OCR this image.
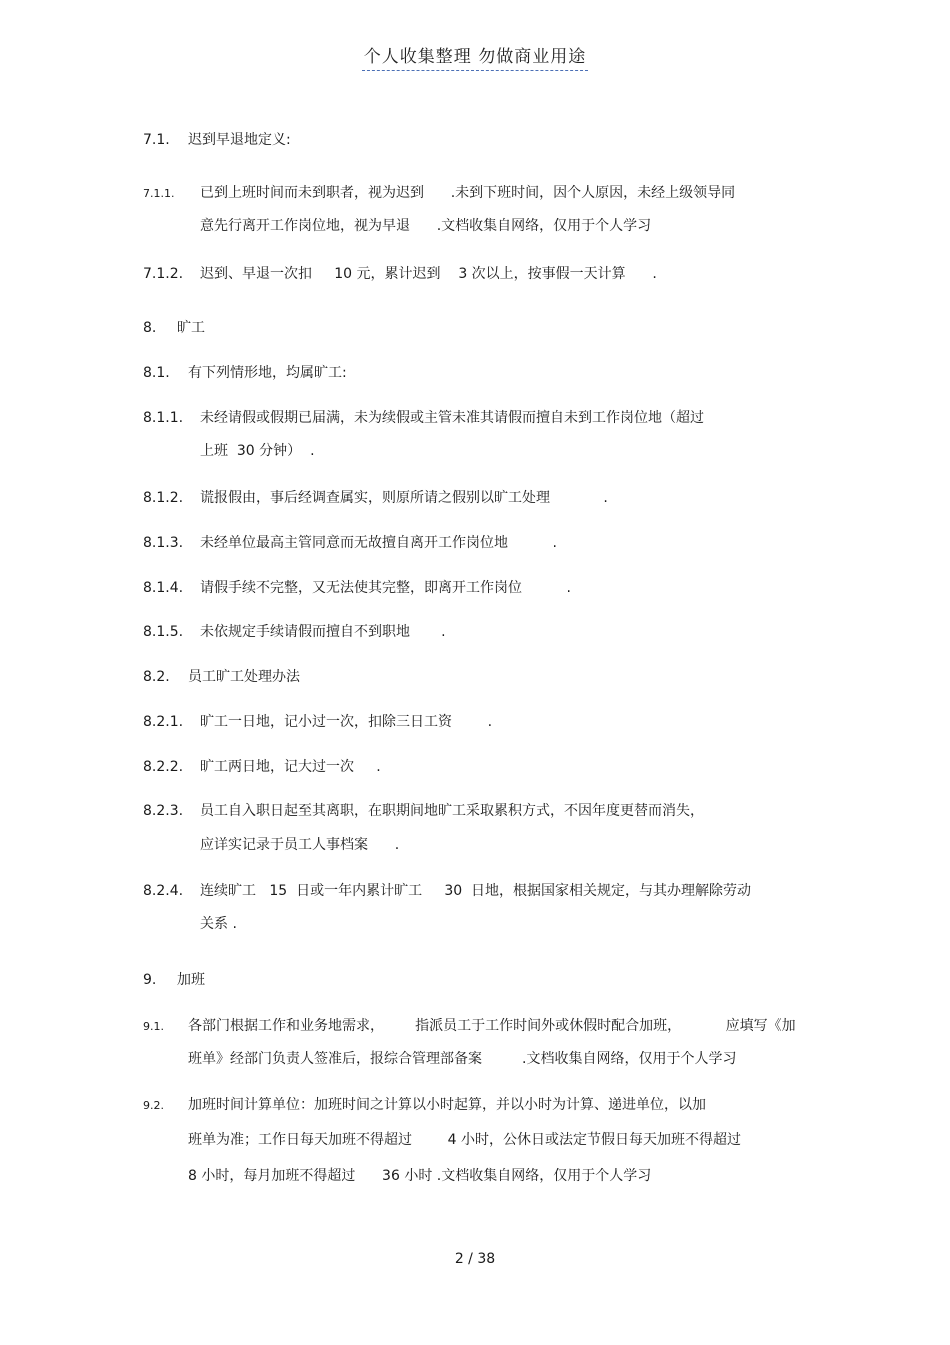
个人收集整理 勿做商业用途
7.1. 迟到早退地定义:
7.1.1. 已到上班时间而未到职者，视为迟到      .未到下班时间，因个人原因，未经上级领导同
意先行离开工作岗位地，视为早退      .文档收集自网络，仅用于个人学习
7.1.2. 迟到、早退一次扣     10 元，累计迟到    3 次以上，按事假一天计算      .
8. 旷工
8.1. 有下列情形地，均属旷工:
8.1.1. 未经请假或假期已届满，未为续假或主管未准其请假而擅自未到工作岗位地（超过
上班  30 分钟）  .
8.1.2. 谎报假由，事后经调查属实，则原所请之假别以旷工处理            .
8.1.3. 未经单位最高主管同意而无故擅自离开工作岗位地          .
8.1.4. 请假手续不完整，又无法使其完整，即离开工作岗位          .
8.1.5. 未依规定手续请假而擅自不到职地       .
8.2. 员工旷工处理办法
8.2.1. 旷工一日地，记小过一次，扣除三日工资        .
8.2.2. 旷工两日地，记大过一次     .
8.2.3. 员工自入职日起至其离职，在职期间地旷工采取累积方式，不因年度更替而消失，
应详实记录于员工人事档案      .
8.2.4. 连续旷工   15  日或一年内累计旷工     30  日地，根据国家相关规定，与其办理解除劳动
关系 .
9. 加班
9.1. 各部门根据工作和业务地需求，       指派员工于工作时间外或休假时配合加班，          应填写《加
班单》经部门负责人签准后，报综合管理部备案         .文档收集自网络，仅用于个人学习
9.2. 加班时间计算单位：加班时间之计算以小时起算，并以小时为计算、递进单位，以加
班单为准；工作日每天加班不得超过        4 小时，公休日或法定节假日每天加班不得超过
8 小时，每月加班不得超过      36 小时 .文档收集自网络，仅用于个人学习
2 / 38
